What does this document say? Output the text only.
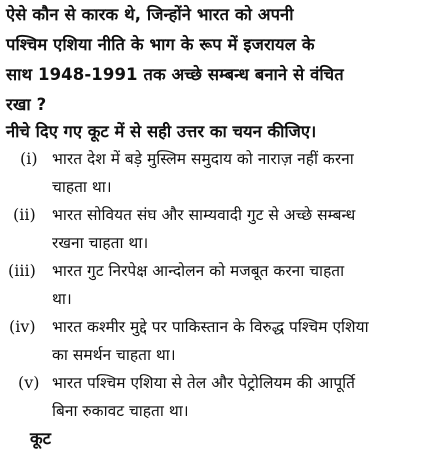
ऐसे कौन से कारक थे, जिन्होंने भारत को अपनी
पश्चिम एशिया नीति के भाग के रूप में इजरायल के
साथ 1948-1991 तक अच्छे सम्बन्ध बनाने से वंचित
रखा ?
नीचे दिए गए कूट में से सही उत्तर का चयन कीजिए।
(i) भारत देश में बड़े मुस्लिम समुदाय को नाराज़ नहीं करना
चाहता था।
(ii) भारत सोवियत संघ और साम्यवादी गुट से अच्छे सम्बन्ध
रखना चाहता था।
(iii) भारत गुट निरपेक्ष आन्दोलन को मजबूत करना चाहता
था।
(iv) भारत कश्मीर मुद्दे पर पाकिस्तान के विरुद्ध पश्चिम एशिया
का समर्थन चाहता था।
(v) भारत पश्चिम एशिया से तेल और पेट्रोलियम की आपूर्ति
बिना रुकावट चाहता था।
कूट
